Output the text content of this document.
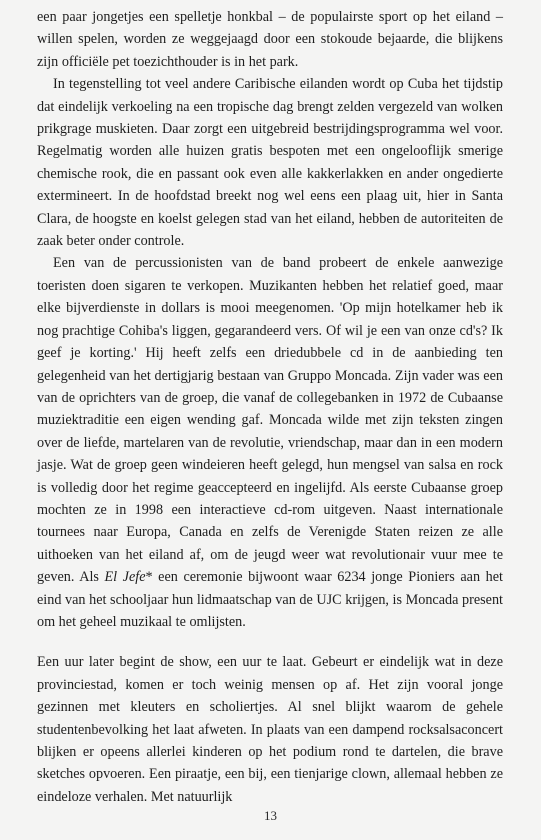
een paar jongetjes een spelletje honkbal – de populairste sport op het eiland – willen spelen, worden ze weggejaagd door een stokoude bejaarde, die blijkens zijn officiële pet toezichthouder is in het park.

In tegenstelling tot veel andere Caribische eilanden wordt op Cuba het tijdstip dat eindelijk verkoeling na een tropische dag brengt zelden vergezeld van wolken prikgrage muskieten. Daar zorgt een uitgebreid bestrijdingsprogramma wel voor. Regelmatig worden alle huizen gratis bespoten met een ongelooflijk smerige chemische rook, die en passant ook even alle kakkerlakken en ander ongedierte extermineert. In de hoofdstad breekt nog wel eens een plaag uit, hier in Santa Clara, de hoogste en koelst gelegen stad van het eiland, hebben de autoriteiten de zaak beter onder controle.

Een van de percussionisten van de band probeert de enkele aanwezige toeristen doen sigaren te verkopen. Muzikanten hebben het relatief goed, maar elke bijverdienste in dollars is mooi meegenomen. 'Op mijn hotelkamer heb ik nog prachtige Cohiba's liggen, gegarandeerd vers. Of wil je een van onze cd's? Ik geef je korting.' Hij heeft zelfs een driedubbele cd in de aanbieding ten gelegenheid van het dertigjarig bestaan van Gruppo Moncada. Zijn vader was een van de oprichters van de groep, die vanaf de collegebanken in 1972 de Cubaanse muziektraditie een eigen wending gaf. Moncada wilde met zijn teksten zingen over de liefde, martelaren van de revolutie, vriendschap, maar dan in een modern jasje. Wat de groep geen windeieren heeft gelegd, hun mengsel van salsa en rock is volledig door het regime geaccepteerd en ingelijfd. Als eerste Cubaanse groep mochten ze in 1998 een interactieve cd-rom uitgeven. Naast internationale tournees naar Europa, Canada en zelfs de Verenigde Staten reizen ze alle uithoeken van het eiland af, om de jeugd weer wat revolutionair vuur mee te geven. Als El Jefe* een ceremonie bijwoont waar 6234 jonge Pioniers aan het eind van het schooljaar hun lidmaatschap van de UJC krijgen, is Moncada present om het geheel muzikaal te omlijsten.

Een uur later begint de show, een uur te laat. Gebeurt er eindelijk wat in deze provinciestad, komen er toch weinig mensen op af. Het zijn vooral jonge gezinnen met kleuters en scholiertjes. Al snel blijkt waarom de gehele studentenbevolking het laat afweten. In plaats van een dampend rocksalsaconcert blijken er opeens allerlei kinderen op het podium rond te dartelen, die brave sketches opvoeren. Een piraatje, een bij, een tienjarige clown, allemaal hebben ze eindeloze verhalen. Met natuurlijk

13
